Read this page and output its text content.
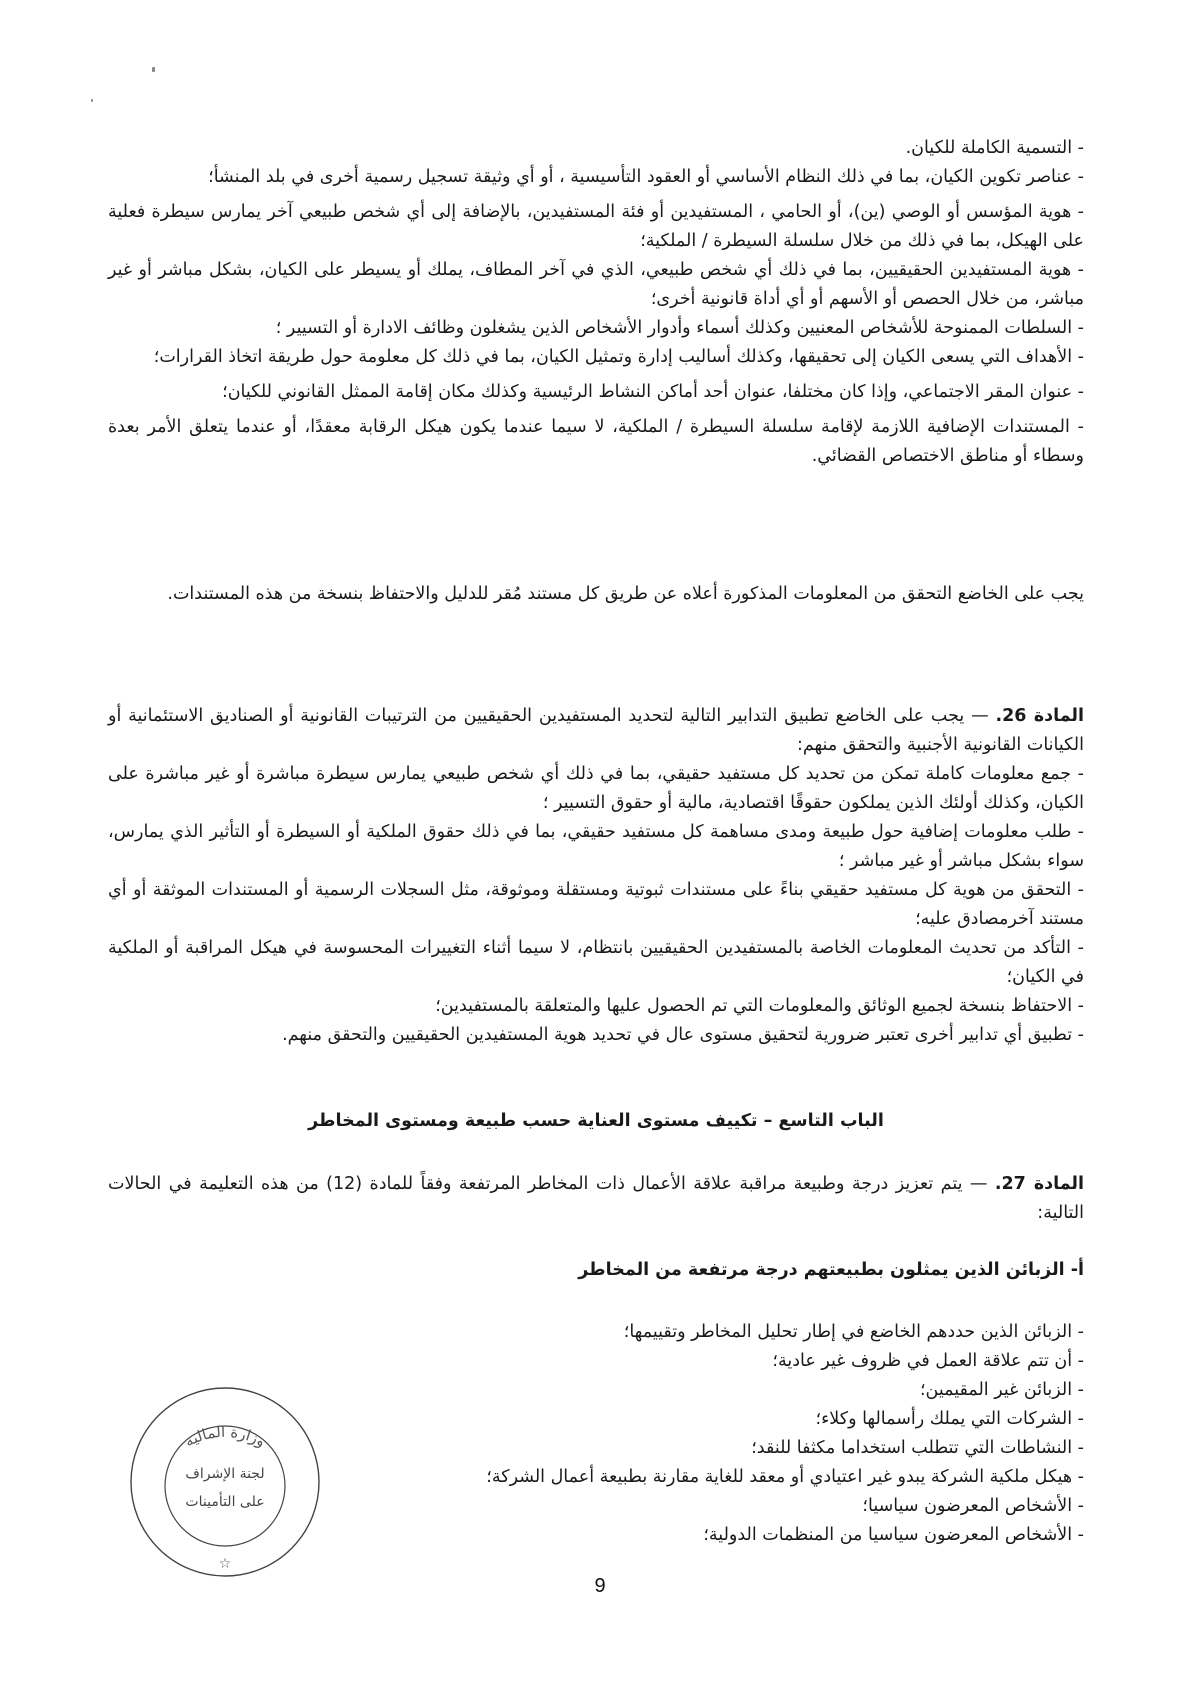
- التسمية الكاملة للكيان.

- عناصر تكوين الكيان، بما في ذلك النظام الأساسي أو العقود التأسيسية ، أو أي وثيقة تسجيل رسمية أخرى في بلد المنشأ؛

- هوية المؤسس أو الوصي (ين)، أو الحامي ، المستفيدين أو فئة المستفيدين، بالإضافة إلى أي شخص طبيعي آخر يمارس سيطرة فعلية على الهيكل، بما في ذلك من خلال سلسلة السيطرة / الملكية؛

- هوية المستفيدين الحقيقيين، بما في ذلك أي شخص طبيعي، الذي في آخر المطاف، يملك أو يسيطر على الكيان، بشكل مباشر أو غير مباشر، من خلال الحصص أو الأسهم أو أي أداة قانونية أخرى؛

- السلطات الممنوحة للأشخاص المعنيين وكذلك أسماء وأدوار الأشخاص الذين يشغلون وظائف الادارة أو التسيير ؛

- الأهداف التي يسعى الكيان إلى تحقيقها، وكذلك أساليب إدارة وتمثيل الكيان، بما في ذلك كل معلومة حول طريقة اتخاذ القرارات؛

- عنوان المقر الاجتماعي، وإذا كان مختلفا، عنوان أحد أماكن النشاط الرئيسية وكذلك مكان إقامة الممثل القانوني للكيان؛

- المستندات الإضافية اللازمة لإقامة سلسلة السيطرة / الملكية، لا سيما عندما يكون هيكل الرقابة معقدًا، أو عندما يتعلق الأمر بعدة وسطاء أو مناطق الاختصاص القضائي.

يجب على الخاضع التحقق من المعلومات المذكورة أعلاه عن طريق كل مستند مُقر للدليل والاحتفاظ بنسخة من هذه المستندات.

المادة 26. — يجب على الخاضع تطبيق التدابير التالية لتحديد المستفيدين الحقيقيين من الترتيبات القانونية أو الصناديق الاستئمانية أو الكيانات القانونية الأجنبية والتحقق منهم:

- جمع معلومات كاملة تمكن من تحديد كل مستفيد حقيقي، بما في ذلك أي شخص طبيعي يمارس سيطرة مباشرة أو غير مباشرة على الكيان، وكذلك أولئك الذين يملكون حقوقًا اقتصادية، مالية أو حقوق التسيير ؛

- طلب معلومات إضافية حول طبيعة ومدى مساهمة كل مستفيد حقيقي، بما في ذلك حقوق الملكية أو السيطرة أو التأثير الذي يمارس، سواء بشكل مباشر أو غير مباشر ؛

- التحقق من هوية كل مستفيد حقيقي بناءً على مستندات ثبوتية ومستقلة وموثوقة، مثل السجلات الرسمية أو المستندات الموثقة أو أي مستند آخرمصادق عليه؛

- التأكد من تحديث المعلومات الخاصة بالمستفيدين الحقيقيين بانتظام، لا سيما أثناء التغييرات المحسوسة في هيكل المراقبة أو الملكية في الكيان؛

- الاحتفاظ بنسخة لجميع الوثائق والمعلومات التي تم الحصول عليها والمتعلقة بالمستفيدين؛

- تطبيق أي تدابير أخرى تعتبر ضرورية لتحقيق مستوى عال في تحديد هوية المستفيدين الحقيقيين والتحقق منهم.

الباب التاسع – تكييف مستوى العناية حسب طبيعة ومستوى المخاطر

المادة 27. — يتم تعزيز درجة وطبيعة مراقبة علاقة الأعمال ذات المخاطر المرتفعة وفقاً للمادة (12) من هذه التعليمة في الحالات التالية:

أ- الزبائن الذين يمثلون بطبيعتهم درجة مرتفعة من المخاطر

- الزبائن الذين حددهم الخاضع في إطار تحليل المخاطر وتقييمها؛

- أن تتم علاقة العمل في ظروف غير عادية؛

- الزبائن غير المقيمين؛

- الشركات التي يملك رأسمالها وكلاء؛

- النشاطات التي تتطلب استخداما مكثفا للنقد؛

- هيكل ملكية الشركة يبدو غير اعتيادي أو معقد للغاية مقارنة بطبيعة أعمال الشركة؛

- الأشخاص المعرضون سياسيا؛

- الأشخاص المعرضون سياسيا من المنظمات الدولية؛

وزارة المالية
لجنة الإشراف
على التأمينات
☆
9
